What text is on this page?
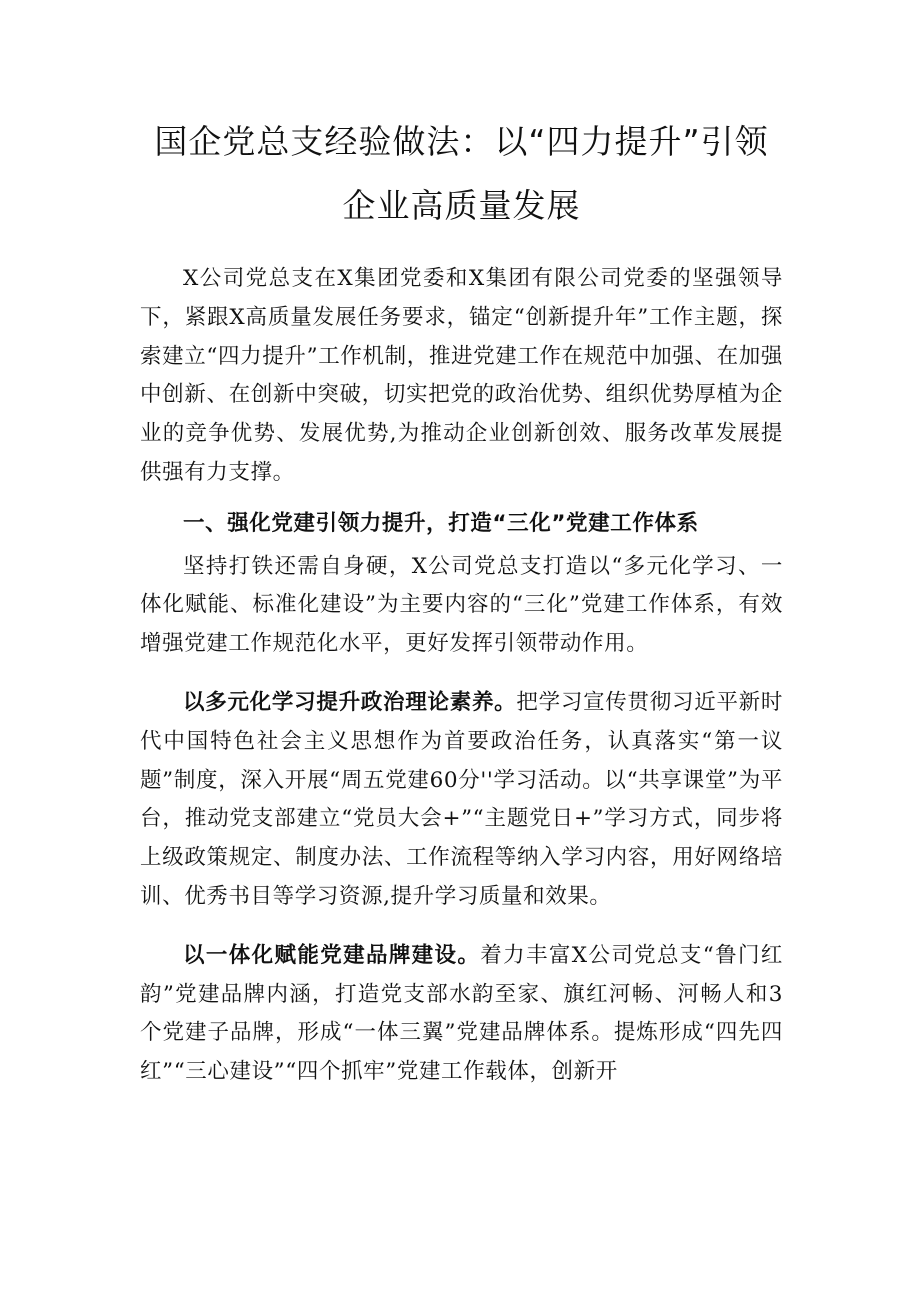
国企党总支经验做法：以“四力提升”引领
企业高质量发展

X公司党总支在X集团党委和X集团有限公司党委的坚强领导下，紧跟X高质量发展任务要求，锚定“创新提升年”工作主题，探索建立“四力提升”工作机制，推进党建工作在规范中加强、在加强中创新、在创新中突破，切实把党的政治优势、组织优势厚植为企业的竞争优势、发展优势,为推动企业创新创效、服务改革发展提供强有力支撑。

一、强化党建引领力提升，打造“三化”党建工作体系

坚持打铁还需自身硬，X公司党总支打造以“多元化学习、一体化赋能、标准化建设”为主要内容的“三化”党建工作体系，有效增强党建工作规范化水平，更好发挥引领带动作用。

以多元化学习提升政治理论素养。把学习宣传贯彻习近平新时代中国特色社会主义思想作为首要政治任务，认真落实“第一议题”制度，深入开展“周五党建60分''学习活动。以“共享课堂”为平台，推动党支部建立“党员大会+”“主题党日+”学习方式，同步将上级政策规定、制度办法、工作流程等纳入学习内容，用好网络培训、优秀书目等学习资源,提升学习质量和效果。

以一体化赋能党建品牌建设。着力丰富X公司党总支“鲁门红韵”党建品牌内涵，打造党支部水韵至家、旗红河畅、河畅人和3个党建子品牌，形成“一体三翼”党建品牌体系。提炼形成“四先四红”“三心建设”“四个抓牢”党建工作载体，创新开
